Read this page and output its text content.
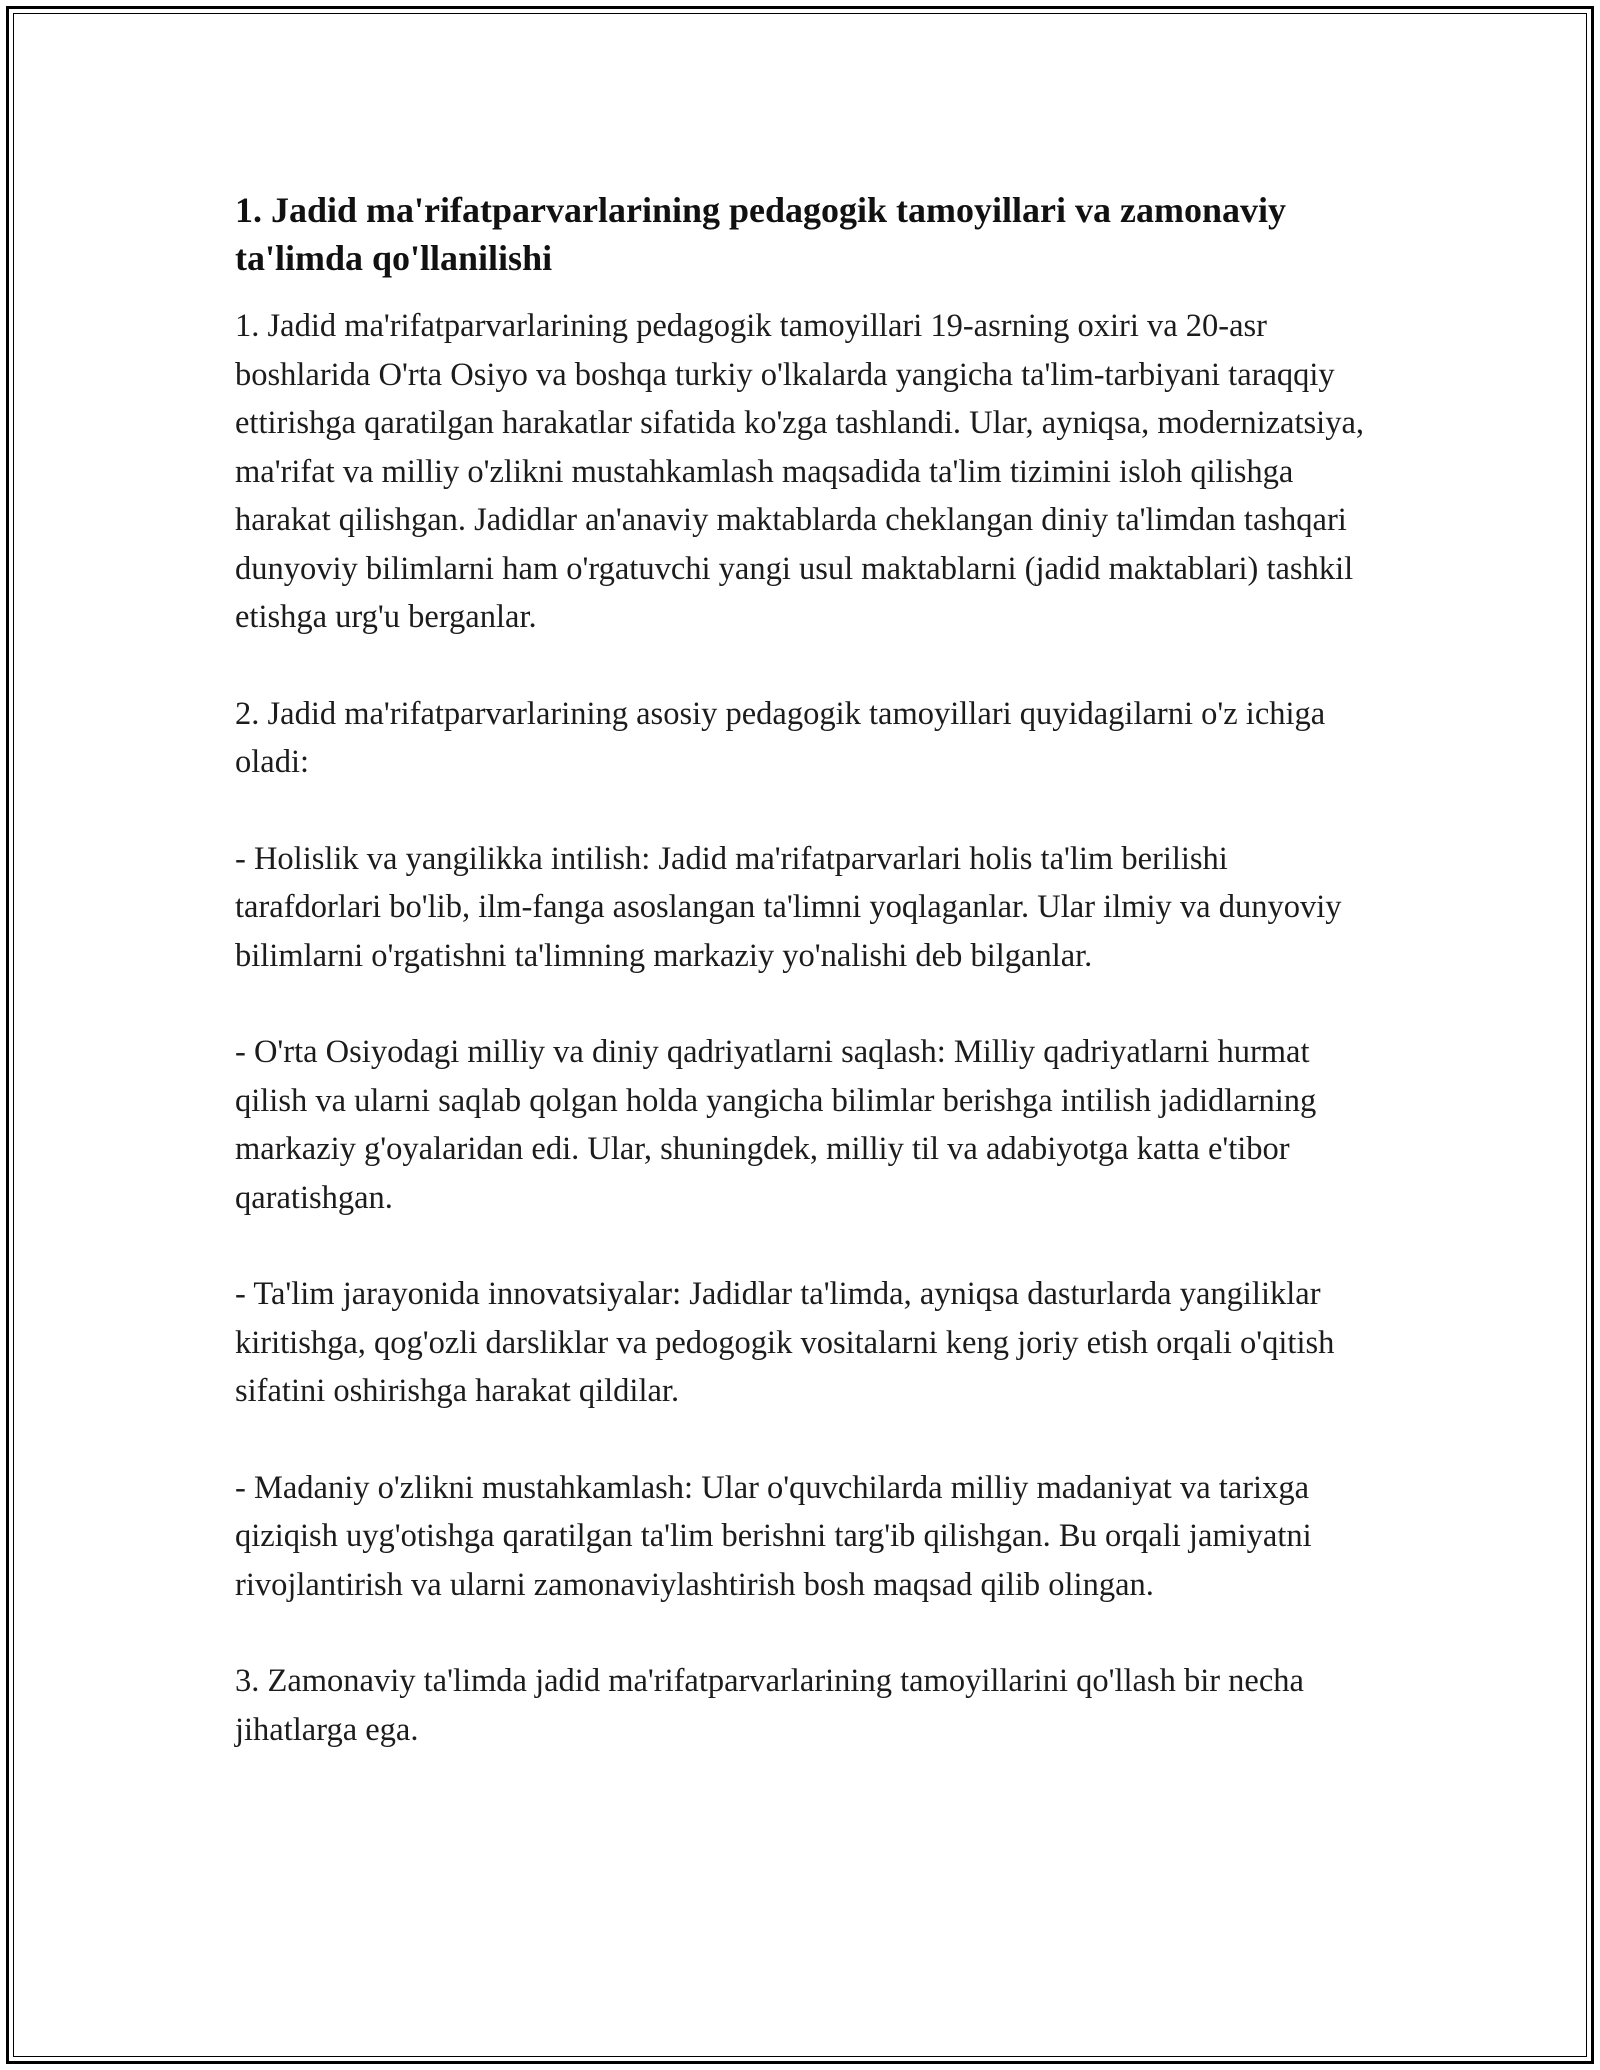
1. Jadid ma'rifatparvarlarining pedagogik tamoyillari va zamonaviy ta'limda qo'llanilishi

1. Jadid ma'rifatparvarlarining pedagogik tamoyillari 19-asrning oxiri va 20-asr boshlarida O'rta Osiyo va boshqa turkiy o'lkalarda yangicha ta'lim-tarbiyani taraqqiy ettirishga qaratilgan harakatlar sifatida ko'zga tashlandi. Ular, ayniqsa, modernizatsiya, ma'rifat va milliy o'zlikni mustahkamlash maqsadida ta'lim tizimini isloh qilishga harakat qilishgan. Jadidlar an'anaviy maktablarda cheklangan diniy ta'limdan tashqari dunyoviy bilimlarni ham o'rgatuvchi yangi usul maktablarni (jadid maktablari) tashkil etishga urg'u berganlar.

2. Jadid ma'rifatparvarlarining asosiy pedagogik tamoyillari quyidagilarni o'z ichiga oladi:

- Holislik va yangilikka intilish: Jadid ma'rifatparvarlari holis ta'lim berilishi tarafdorlari bo'lib, ilm-fanga asoslangan ta'limni yoqlaganlar. Ular ilmiy va dunyoviy bilimlarni o'rgatishni ta'limning markaziy yo'nalishi deb bilganlar.

- O'rta Osiyodagi milliy va diniy qadriyatlarni saqlash: Milliy qadriyatlarni hurmat qilish va ularni saqlab qolgan holda yangicha bilimlar berishga intilish jadidlarning markaziy g'oyalaridan edi. Ular, shuningdek, milliy til va adabiyotga katta e'tibor qaratishgan.

- Ta'lim jarayonida innovatsiyalar: Jadidlar ta'limda, ayniqsa dasturlarda yangiliklar kiritishga, qog'ozli darsliklar va pedogogik vositalarni keng joriy etish orqali o'qitish sifatini oshirishga harakat qildilar.

- Madaniy o'zlikni mustahkamlash: Ular o'quvchilarda milliy madaniyat va tarixga qiziqish uyg'otishga qaratilgan ta'lim berishni targ'ib qilishgan. Bu orqali jamiyatni rivojlantirish va ularni zamonaviylashtirish bosh maqsad qilib olingan.

3. Zamonaviy ta'limda jadid ma'rifatparvarlarining tamoyillarini qo'llash bir necha jihatlarga ega.
